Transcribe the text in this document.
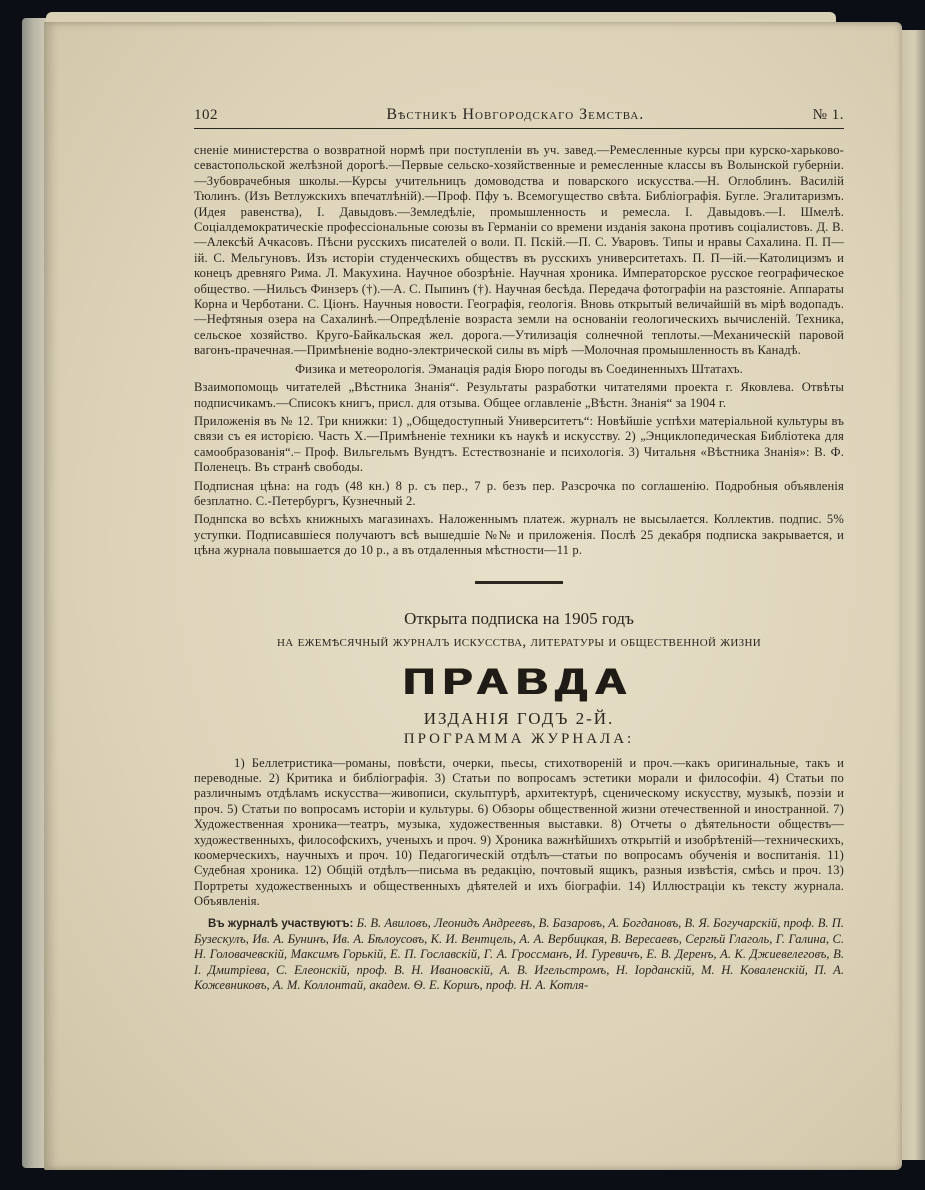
102	Вѣстникъ Новгородскаго Земства.	№ 1.

сненіе министерства о возвратной нормѣ при поступленіи въ уч. завед.—Ремесленные курсы при курско-харьково-севастопольской желѣзной дорогѣ.—Первые сельско-хозяйственные и ремесленные классы въ Волынской губерніи.—Зубоврачебныя школы.—Курсы учительницъ домоводства и поварского искусства.—Н. Оглоблинъ. Василій Тюлинъ. (Изъ Ветлужскихъ впечатлѣній).—Проф. Пфу ъ. Всемогущество свѣта. Библіографія. Бугле. Эгалитаризмъ. (Идея равенства), І. Давыдовъ.—Земледѣліе, промышленность и ремесла. І. Давыдовъ.—І. Шмелѣ. Соціалдемократическіе профессіональные союзы въ Германіи со времени изданія закона противъ соціалистовъ. Д. В.—Алексѣй Ачкасовъ. Пѣсни русскихъ писателей о воли. П. Пскій.—П. С. Уваровъ. Типы и нравы Сахалина. П. П—ій. С. Мельгуновъ. Изъ исторіи студенческихъ обществъ въ русскихъ университетахъ. П. П—ій.—Католицизмъ и конецъ древняго Рима. Л. Макухина. Научное обозрѣніе. Научная хроника. Императорское русское географическое общество. —Нильсъ Финзеръ (†).—А. С. Пыпинъ (†). Научная бесѣда. Передача фотографіи на разстояніе. Аппараты Корна и Черботани. С. Ціонъ. Научныя новости. Географія, геологія. Вновь открытый величайшій въ мірѣ водопадъ.—Нефтяныя озера на Сахалинѣ.—Опредѣленіе возраста земли на основаніи геологическихъ вычисленій. Техника, сельское хозяйство. Круго-Байкальская жел. дорога.—Утилизація солнечной теплоты.—Механическій паровой вагонъ-прачечная.—Примѣненіе водно-электрической силы въ мірѣ —Молочная промышленность въ Канадѣ.

Физика и метеорологія. Эманація радія Бюро погоды въ Соединенныхъ Штатахъ.

Взаимопомощь читателей „Вѣстника Знанія“. Результаты разработки читателями проекта г. Яковлева. Отвѣты подписчикамъ.—Списокъ книгъ, присл. для отзыва. Общее оглавленіе „Вѣстн. Знанія“ за 1904 г.

Приложенія въ № 12. Три книжки: 1) „Общедоступный Университетъ“: Новѣйшіе успѣхи матеріальной культуры въ связи съ ея исторією. Часть X.—Примѣненіе техники къ наукѣ и искусству. 2) „Энциклопедическая Библіотека для самообразованія“.– Проф. Вильгельмъ Вундтъ. Естествознаніе и психологія. 3) Читальня «Вѣстника Знанія»: В. Ф. Поленецъ. Въ странѣ свободы.

Подписная цѣна: на годъ (48 кн.) 8 р. съ пер., 7 р. безъ пер. Разсрочка по соглашенію. Подробныя объявленія безплатно. С.-Петербургъ, Кузнечный 2.

Поднпска во всѣхъ книжныхъ магазинахъ. Наложеннымъ платеж. журналъ не высылается. Коллектив. подпис. 5% уступки. Подписавшіеся получаютъ всѣ вышедшіе №№ и приложенія. Послѣ 25 декабря подписка закрывается, и цѣна журнала повышается до 10 р., а въ отдаленныя мѣстности—11 р.

Открыта подписка на 1905 годъ

на ежемѣсячный журналъ искусства, литературы и общественной жизни

ПРАВДА

ИЗДАНІЯ ГОДЪ 2-Й.

ПРОГРАММА ЖУРНАЛА:

1) Беллетристика—романы, повѣсти, очерки, пьесы, стихотвореній и проч.—какъ оригинальные, такъ и переводные. 2) Критика и библіографія. 3) Статьи по вопросамъ эстетики морали и философіи. 4) Статьи по различнымъ отдѣламъ искусства—живописи, скульптурѣ, архитектурѣ, сценическому искусству, музыкѣ, поэзіи и проч. 5) Статьи по вопросамъ исторіи и культуры. 6) Обзоры общественной жизни отечественной и иностранной. 7) Художественная хроника—театръ, музыка, художественныя выставки. 8) Отчеты о дѣятельности обществъ—художественныхъ, философскихъ, ученыхъ и проч. 9) Хроника важнѣйшихъ открытій и изобрѣтеній—техническихъ, коомерческихъ, научныхъ и проч. 10) Педагогическій отдѣлъ—статьи по вопросамъ обученія и воспитанія. 11) Судебная хроника. 12) Общій отдѣлъ—письма въ редакцію, почтовый ящикъ, разныя извѣстія, смѣсь и проч. 13) Портреты художественныхъ и общественныхъ дѣятелей и ихъ біографіи. 14) Иллюстраціи къ тексту журнала. Объявленія.
Въ журналѣ участвуютъ: Б. В. Авиловъ, Леонидъ Андреевъ, В. Базаровъ, А. Богдановъ, В. Я. Богучарскій, проф. В. П. Бузескулъ, Ив. А. Бунинъ, Ив. А. Бѣлоусовъ, К. И. Вентцель, А. А. Вербицкая, В. Вересаевъ, Сергѣй Глаголь, Г. Галина, С. Н. Головачевскій, Максимъ Горькій, Е. П. Гославскій, Г. А. Гроссманъ, И. Гуревичъ, Е. В. Деренъ, А. К. Джиевелеговъ, В. І. Дмитріева, С. Елеонскій, проф. В. Н. Ивановскій, А. В. Игельстромъ, Н. Іорданскій, М. Н. Коваленскій, П. А. Кожевниковъ, А. М. Коллонтай, академ. Ѳ. Е. Коршъ, проф. Н. А. Котля-
